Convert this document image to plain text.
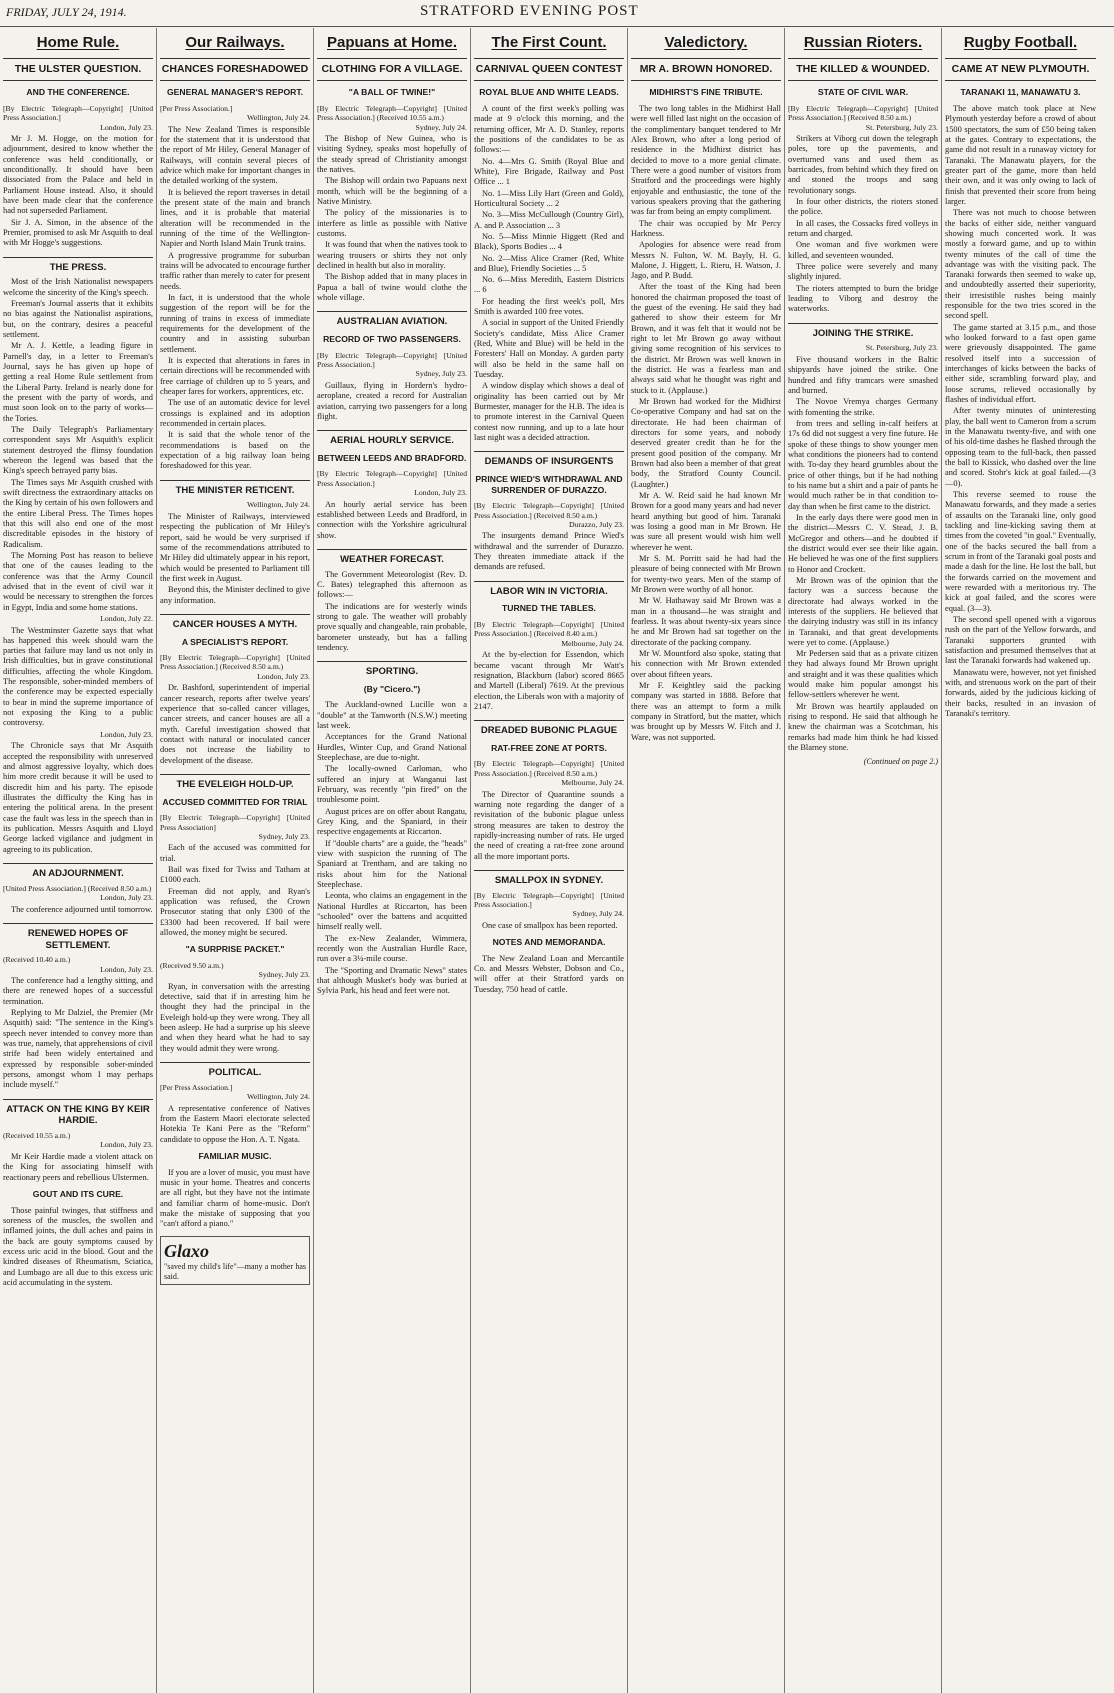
FRIDAY, JULY 24, 1914.	STRATFORD EVENING POST
Home Rule.
THE ULSTER QUESTION.
AND THE CONFERENCE.
[By Electric Telegraph—Copyright] [United Press Association.]
London, July 23.

Mr J. M. Hogge, on the motion for adjournment, desired to know whether the conference was held conditionally, or unconditionally. It should have been dissociated from the Palace and held in Parliament House instead. Also, it should have been made clear that the conference had not superseded Parliament.

Sir J. A. Simon, in the absence of the Premier, promised to ask Mr Asquith to deal with Mr Hogge's suggestions.

THE PRESS.

Most of the Irish Nationalist newspapers welcome the sincerity of the King's speech.

Freeman's Journal asserts that it exhibits no bias against the Nationalist aspirations, but, on the contrary, desires a peaceful settlement.

Mr A. J. Kettle, a leading figure in Parnell's day, in a letter to Freeman's Journal, says he has given up hope of getting a real Home Rule settlement from the Liberal Party. Ireland is nearly done for the present with the party of words, and must soon look on to the party of works—the Tories.

The Daily Telegraph's Parliamentary correspondent says Mr Asquith's explicit statement destroyed the flimsy foundation whereon the legend was based that the King's speech betrayed party bias.

The Times says Mr Asquith crushed with swift directness the extraordinary attacks on the King by certain of his own followers and the entire Liberal Press. The Times hopes that this will also end one of the most discreditable episodes in the history of Radicalism.

The Morning Post has reason to believe that one of the causes leading to the conference was that the Army Council advised that in the event of civil war it would be necessary to strengthen the forces in Egypt, India and some home stations.

London, July 22.

The Westminster Gazette says that what has happened this week should warn the parties that failure may land us not only in Irish difficulties, but in grave constitutional difficulties, affecting the whole Kingdom. The responsible, sober-minded members of the conference may be expected especially to bear in mind the supreme importance of not exposing the King to a public controversy.

London, July 23.

The Chronicle says that Mr Asquith accepted the responsibility with unreserved and almost aggressive loyalty, which does him more credit because it will be used to discredit him and his party. The episode illustrates the difficulty the King has in entering the political arena. In the present case the fault was less in the speech than in its publication. Messrs Asquith and Lloyd George lacked vigilance and judgment in agreeing to its publication.

AN ADJOURNMENT.
[United Press Association.] (Received 8.50 a.m.)
London, July 23.

The conference adjourned until tomorrow.

RENEWED HOPES OF SETTLEMENT.
(Received 10.40 a.m.)
London, July 23.

The conference had a lengthy sitting, and there are renewed hopes of a successful termination.

Replying to Mr Dalziel, the Premier (Mr Asquith) said: "The sentence in the King's speech never intended to convey more than was true, namely, that apprehensions of civil strife had been widely entertained and expressed by responsible sober-minded persons, amongst whom I may perhaps include myself."

ATTACK ON THE KING BY KEIR HARDIE.
(Received 10.55 a.m.)
London, July 23.

Mr Keir Hardie made a violent attack on the King for associating himself with reactionary peers and rebellious Ulstermen.

GOUT AND ITS CURE.

Those painful twinges, that stiffness and soreness of the muscles, the swollen and inflamed joints, the dull aches and pains in the back are gouty symptoms caused by excess uric acid in the blood. Gout and the kindred diseases of Rheumatism, Sciatica, and Lumbago are all due to this excess uric acid accumulating in the system.

Our Railways.
CHANCES FORESHADOWED
GENERAL MANAGER'S REPORT.
[Per Press Association.]
Wellington, July 24.

The New Zealand Times is responsible for the statement that it is understood that the report of Mr Hiley, General Manager of Railways, will contain several pieces of advice which make for important changes in the detailed working of the system.

It is believed the report traverses in detail the present state of the main and branch lines, and it is probable that material alteration will be recommended in the running of the time of the Wellington-Napier and North Island Main Trunk trains.

A progressive programme for suburban trains will be advocated to encourage further traffic rather than merely to cater for present needs.

In fact, it is understood that the whole suggestion of the report will be for the running of trains in excess of immediate requirements for the development of the country and in assisting suburban settlement.

It is expected that alterations in fares in certain directions will be recommended with free carriage of children up to 5 years, and cheaper fares for workers, apprentices, etc.

The use of an automatic device for level crossings is explained and its adoption recommended in certain places.

It is said that the whole tenor of the recommendations is based on the expectation of a big railway loan being foreshadowed for this year.

THE MINISTER RETICENT.
Wellington, July 24.

The Minister of Railways, interviewed respecting the publication of Mr Hiley's report, said he would be very surprised if some of the recommendations attributed to Mr Hiley did ultimately appear in his report, which would be presented to Parliament till the first week in August.

Beyond this, the Minister declined to give any information.

CANCER HOUSES A MYTH.
A SPECIALIST'S REPORT.
[By Electric Telegraph—Copyright] [United Press Association.] (Received 8.50 a.m.)
London, July 23.

Dr. Bashford, superintendent of imperial cancer research, reports after twelve years' experience that so-called cancer villages, cancer streets, and cancer houses are all a myth. Careful investigation showed that contact with natural or inoculated cancer does not increase the liability to development of the disease.

THE EVELEIGH HOLD-UP.
ACCUSED COMMITTED FOR TRIAL
[By Electric Telegraph—Copyright] [United Press Association]
Sydney, July 23.

Each of the accused was committed for trial.

Bail was fixed for Twiss and Tatham at £1000 each.

Freeman did not apply, and Ryan's application was refused, the Crown Prosecutor stating that only £300 of the £3300 had been recovered. If bail were allowed, the money might be secured.

"A SURPRISE PACKET."
(Received 9.50 a.m.)
Sydney, July 23.

Ryan, in conversation with the arresting detective, said that if in arresting him he thought they had the principal in the Eveleigh hold-up they were wrong. They all been asleep. He had a surprise up his sleeve and when they heard what he had to say they would admit they were wrong.

POLITICAL.
[Per Press Association.]
Wellington, July 24.

A representative conference of Natives from the Eastern Maori electorate selected Hotekia Te Kani Pere as the "Reform" candidate to oppose the Hon. A. T. Ngata.

FAMILIAR MUSIC.

If you are a lover of music, you must have music in your home. Theatres and concerts are all right, but they have not the intimate and familiar charm of home-music. Don't make the mistake of supposing that you "can't afford a piano."

Glaxo
"saved my child's life"—many a mother has said.
Papuans at Home.
CLOTHING FOR A VILLAGE.
"A BALL OF TWINE!"
[By Electric Telegraph—Copyright] [United Press Association.] (Received 10.55 a.m.)
Sydney, July 24.

The Bishop of New Guinea, who is visiting Sydney, speaks most hopefully of the steady spread of Christianity amongst the natives.

The Bishop will ordain two Papuans next month, which will be the beginning of a Native Ministry.

The policy of the missionaries is to interfere as little as possible with Native customs.

It was found that when the natives took to wearing trousers or shirts they not only declined in health but also in morality.

The Bishop added that in many places in Papua a ball of twine would clothe the whole village.

AUSTRALIAN AVIATION.
RECORD OF TWO PASSENGERS.
[By Electric Telegraph—Copyright] [United Press Association.]
Sydney, July 23.

Guillaux, flying in Hordern's hydro-aeroplane, created a record for Australian aviation, carrying two passengers for a long flight.

AERIAL HOURLY SERVICE.
BETWEEN LEEDS AND BRADFORD.
[By Electric Telegraph—Copyright] [United Press Association.]
London, July 23.

An hourly aerial service has been established between Leeds and Bradford, in connection with the Yorkshire agricultural show.

WEATHER FORECAST.

The Government Meteorologist (Rev. D. C. Bates) telegraphed this afternoon as follows:—

The indications are for westerly winds strong to gale. The weather will probably prove squally and changeable, rain probable, barometer unsteady, but has a falling tendency.

SPORTING.
(By "Cicero.")

The Auckland-owned Lucille won a "double" at the Tamworth (N.S.W.) meeting last week.

Acceptances for the Grand National Hurdles, Winter Cup, and Grand National Steeplechase, are due to-night.

The locally-owned Carloman, who suffered an injury at Wanganui last February, was recently "pin fired" on the troublesome point.

August prices are on offer about Rangatu, Grey King, and the Spaniard, in their respective engagements at Riccarton.

If "double charts" are a guide, the "heads" view with suspicion the running of The Spaniard at Trentham, and are taking no risks about him for the National Steeplechase.

Leonta, who claims an engagement in the National Hurdles at Riccarton, has been "schooled" over the battens and acquitted himself really well.

The ex-New Zealander, Wimmera, recently won the Australian Hurdle Race, run over a 3¼-mile course.

The "Sporting and Dramatic News" states that although Musket's body was buried at Sylvia Park, his head and feet were not.

The First Count.
CARNIVAL QUEEN CONTEST
ROYAL BLUE AND WHITE LEADS.

A count of the first week's polling was made at 9 o'clock this morning, and the returning officer, Mr A. D. Stanley, reports the positions of the candidates to be as follows:—

No. 4—Mrs G. Smith (Royal Blue and White), Fire Brigade, Railway and Post Office ... 1

No. 1—Miss Lily Hart (Green and Gold), Horticultural Society ... 2

No. 3—Miss McCullough (Country Girl), A. and P. Association ... 3

No. 5—Miss Minnie Higgett (Red and Black), Sports Bodies ... 4

No. 2—Miss Alice Cramer (Red, White and Blue), Friendly Societies ... 5

No. 6—Miss Meredith, Eastern Districts ... 6

For heading the first week's poll, Mrs Smith is awarded 100 free votes.

A social in support of the United Friendly Society's candidate, Miss Alice Cramer (Red, White and Blue) will be held in the Foresters' Hall on Monday. A garden party will also be held in the same hall on Tuesday.

A window display which shows a deal of originality has been carried out by Mr Burmester, manager for the H.B. The idea is to promote interest in the Carnival Queen contest now running, and up to a late hour last night was a decided attraction.

DEMANDS OF INSURGENTS
PRINCE WIED'S WITHDRAWAL AND SURRENDER OF DURAZZO.
[By Electric Telegraph—Copyright] [United Press Association.] (Received 8.50 a.m.)
Durazzo, July 23.

The insurgents demand Prince Wied's withdrawal and the surrender of Durazzo. They threaten immediate attack if the demands are refused.

LABOR WIN IN VICTORIA.
TURNED THE TABLES.
[By Electric Telegraph—Copyright] [United Press Association.] (Received 8.40 a.m.)
Melbourne, July 24.

At the by-election for Essendon, which became vacant through Mr Watt's resignation, Blackburn (labor) scored 8665 and Martell (Liberal) 7619. At the previous election, the Liberals won with a majority of 2147.

DREADED BUBONIC PLAGUE
RAT-FREE ZONE AT PORTS.
[By Electric Telegraph—Copyright] [United Press Association.] (Received 8.50 a.m.)
Melbourne, July 24.

The Director of Quarantine sounds a warning note regarding the danger of a revisitation of the bubonic plague unless strong measures are taken to destroy the rapidly-increasing number of rats. He urged the need of creating a rat-free zone around all the more important ports.

SMALLPOX IN SYDNEY.
[By Electric Telegraph—Copyright] [United Press Association.]
Sydney, July 24.

One case of smallpox has been reported.

NOTES AND MEMORANDA.

The New Zealand Loan and Mercantile Co. and Messrs Webster, Dobson and Co., will offer at their Stratford yards on Tuesday, 750 head of cattle.

Valedictory.
MR A. BROWN HONORED.
MIDHIRST'S FINE TRIBUTE.

The two long tables in the Midhirst Hall were well filled last night on the occasion of the complimentary banquet tendered to Mr Alex Brown, who after a long period of residence in the Midhirst district has decided to move to a more genial climate. There were a good number of visitors from Stratford and the proceedings were highly enjoyable and enthusiastic, the tone of the various speakers proving that the gathering was far from being an empty compliment.

The chair was occupied by Mr Percy Harkness.

Apologies for absence were read from Messrs N. Fulton, W. M. Bayly, H. G. Malone, J. Higgett, L. Rieru, H. Watson, J. Jago, and P. Budd.

After the toast of the King had been honored the chairman proposed the toast of the guest of the evening. He said they had gathered to show their esteem for Mr Brown, and it was felt that it would not be right to let Mr Brown go away without giving some recognition of his services to the district. Mr Brown was well known in the district. He was a fearless man and always said what he thought was right and stuck to it. (Applause.)

Mr Brown had worked for the Midhirst Co-operative Company and had sat on the directorate. He had been chairman of directors for some years, and nobody deserved greater credit than he for the present good position of the company. Mr Brown had also been a member of that great body, the Stratford County Council. (Laughter.)

Mr A. W. Reid said he had known Mr Brown for a good many years and had never heard anything but good of him. Taranaki was losing a good man in Mr Brown. He was sure all present would wish him well wherever he went.

Mr S. M. Porritt said he had had the pleasure of being connected with Mr Brown for twenty-two years. Men of the stamp of Mr Brown were worthy of all honor.

Mr W. Hathaway said Mr Brown was a man in a thousand—he was straight and fearless. It was about twenty-six years since he and Mr Brown had sat together on the directorate of the packing company.

Mr W. Mountford also spoke, stating that his connection with Mr Brown extended over about fifteen years.

Mr F. Keightley said the packing company was started in 1888. Before that there was an attempt to form a milk company in Stratford, but the matter, which was brought up by Messrs W. Fitch and J. Ware, was not supported.

Russian Rioters.
THE KILLED & WOUNDED.
STATE OF CIVIL WAR.
[By Electric Telegraph—Copyright] [United Press Association.] (Received 8.50 a.m.)
St. Petersburg, July 23.

Strikers at Viborg cut down the telegraph poles, tore up the pavements, and overturned vans and used them as barricades, from behind which they fired on and stoned the troops and sang revolutionary songs.

In four other districts, the rioters stoned the police.

In all cases, the Cossacks fired volleys in return and charged.

One woman and five workmen were killed, and seventeen wounded.

Three police were severely and many slightly injured.

The rioters attempted to burn the bridge leading to Viborg and destroy the waterworks.

JOINING THE STRIKE.
St. Petersburg, July 23.

Five thousand workers in the Baltic shipyards have joined the strike. One hundred and fifty tramcars were smashed and burned.

The Novoe Vremya charges Germany with fomenting the strike.

from trees and selling in-calf heifers at 17s 6d did not suggest a very fine future. He spoke of these things to show younger men what conditions the pioneers had to contend with. To-day they heard grumbles about the price of other things, but if he had nothing to his name but a shirt and a pair of pants he would much rather be in that condition to-day than when he first came to the district.

In the early days there were good men in the district—Messrs C. V. Stead, J. B. McGregor and others—and he doubted if the district would ever see their like again. He believed he was one of the first suppliers to Honor and Crockett.

Mr Brown was of the opinion that the factory was a success because the directorate had always worked in the interests of the suppliers. He believed that the dairying industry was still in its infancy in Taranaki, and that great developments were yet to come. (Applause.)

Mr Pedersen said that as a private citizen they had always found Mr Brown upright and straight and it was these qualities which would make him popular amongst his fellow-settlers wherever he went.

Mr Brown was heartily applauded on rising to respond. He said that although he knew the chairman was a Scotchman, his remarks had made him think he had kissed the Blarney stone.

(Continued on page 2.)
Rugby Football.
CAME AT NEW PLYMOUTH.
TARANAKI 11, MANAWATU 3.

The above match took place at New Plymouth yesterday before a crowd of about 1500 spectators, the sum of £50 being taken at the gates. Contrary to expectations, the game did not result in a runaway victory for Taranaki. The Manawatu players, for the greater part of the game, more than held their own, and it was only owing to lack of finish that prevented their score from being larger.

There was not much to choose between the backs of either side, neither vanguard showing much concerted work. It was mostly a forward game, and up to within twenty minutes of the call of time the advantage was with the visiting pack. The Taranaki forwards then seemed to wake up, and undoubtedly asserted their superiority, their irresistible rushes being mainly responsible for the two tries scored in the second spell.

The game started at 3.15 p.m., and those who looked forward to a fast open game were grievously disappointed. The game resolved itself into a succession of interchanges of kicks between the backs of either side, scrambling forward play, and loose scrums, relieved occasionally by flashes of individual effort.

After twenty minutes of uninteresting play, the ball went to Cameron from a scrum in the Manawatu twenty-five, and with one of his old-time dashes he flashed through the opposing team to the full-back, then passed the ball to Kissick, who dashed over the line and scored. Stohr's kick at goal failed.—(3—0).

This reverse seemed to rouse the Manawatu forwards, and they made a series of assaults on the Taranaki line, only good tackling and line-kicking saving them at times from the coveted "in goal." Eventually, one of the backs secured the ball from a scrum in front of the Taranaki goal posts and made a dash for the line. He lost the ball, but the forwards carried on the movement and were rewarded with a meritorious try. The kick at goal failed, and the scores were equal. (3—3).

The second spell opened with a vigorous rush on the part of the Yellow forwards, and Taranaki supporters grunted with satisfaction and presumed themselves that at last the Taranaki forwards had wakened up.

Manawatu were, however, not yet finished with, and strenuous work on the part of their forwards, aided by the judicious kicking of their backs, resulted in an invasion of Taranaki's territory.
